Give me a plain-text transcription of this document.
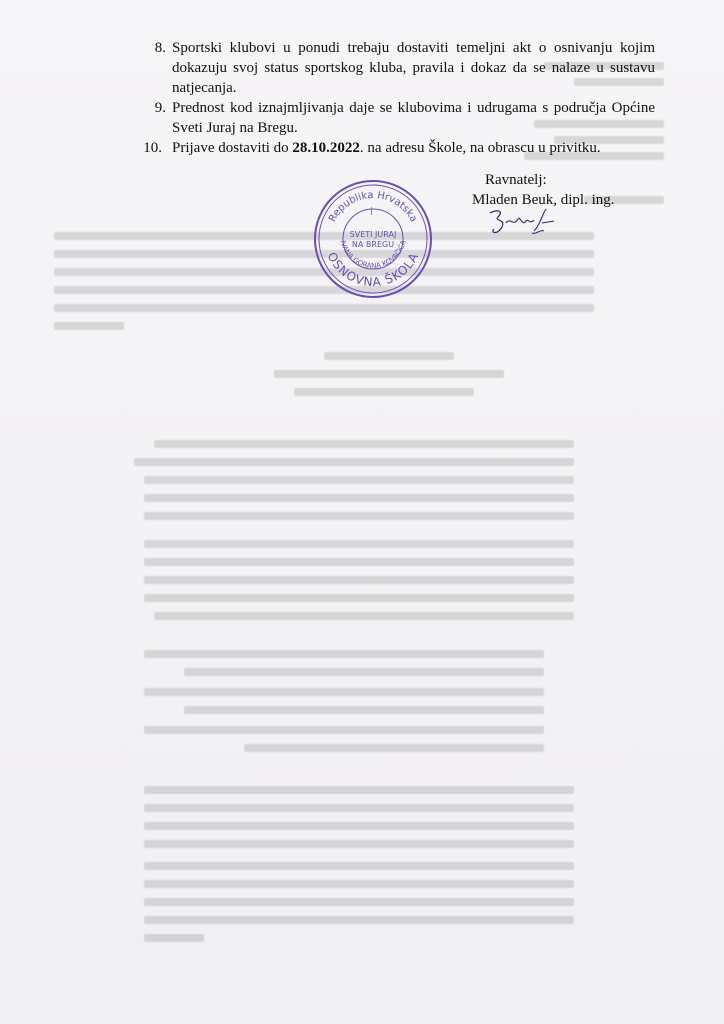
8. Sportski klubovi u ponudi trebaju dostaviti temeljni akt o osnivanju kojim dokazuju svoj status sportskog kluba, pravila i dokaz da se nalaze u sustavu natjecanja.
9. Prednost kod iznajmljivanja daje se klubovima i udrugama s područja Općine Sveti Juraj na Bregu.
10. Prijave dostaviti do 28.10.2022. na adresu Škole, na obrascu u privitku.
Ravnatelj:
Mladen Beuk, dipl. ing.
Republika Hrvatska
SVETI JURAJ
NA BREGU
IVANA GORANA KOVAČIĆA
OSNOVNA ŠKOLA
|
